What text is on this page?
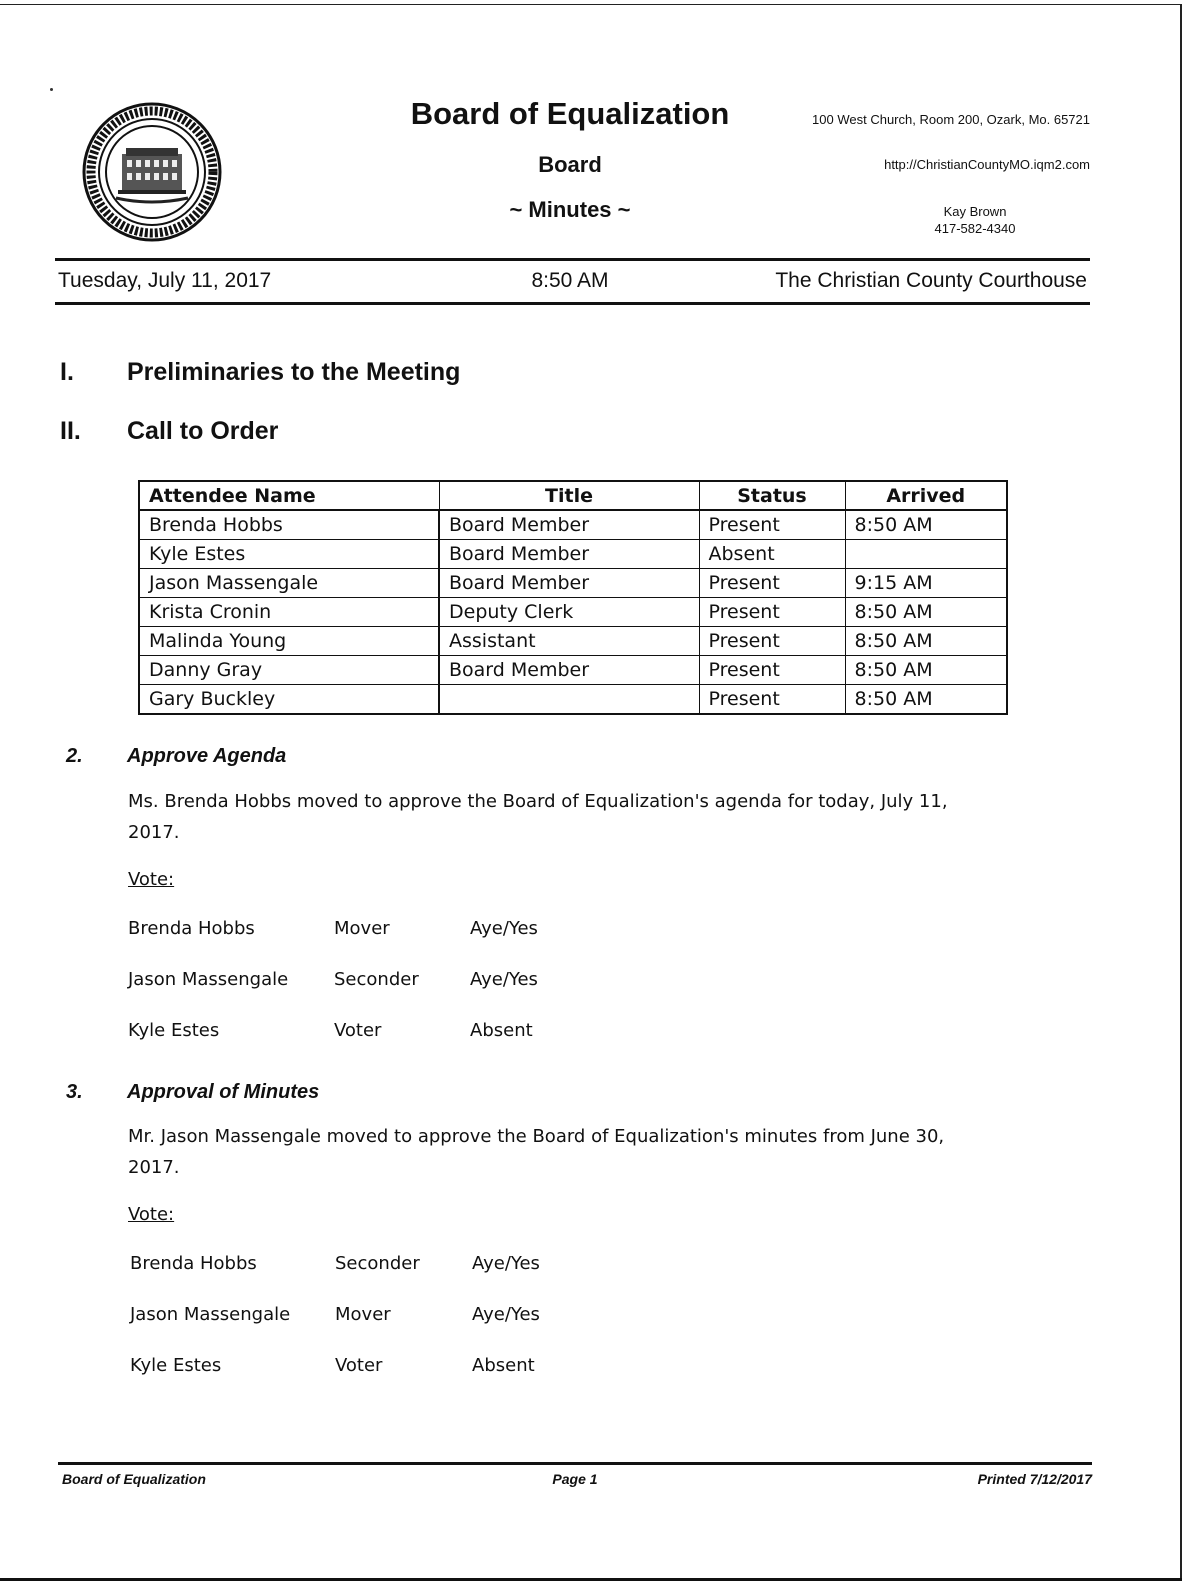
Board of Equalization
Board
~ Minutes ~
100 West Church, Room 200, Ozark, Mo. 65721
http://ChristianCountyMO.iqm2.com
Kay Brown
417-582-4340
Tuesday, July 11, 2017	8:50 AM	The Christian County Courthouse
I. Preliminaries to the Meeting
II. Call to Order
Attendee Name	Title	Status	Arrived
Brenda Hobbs	Board Member	Present	8:50 AM
Kyle Estes	Board Member	Absent	
Jason Massengale	Board Member	Present	9:15 AM
Krista Cronin	Deputy Clerk	Present	8:50 AM
Malinda Young	Assistant	Present	8:50 AM
Danny Gray	Board Member	Present	8:50 AM
Gary Buckley		Present	8:50 AM
2. Approve Agenda
Ms. Brenda Hobbs moved to approve the Board of Equalization's agenda for today, July 11,
2017.
Vote:
Brenda Hobbs	Mover	Aye/Yes
Jason Massengale	Seconder	Aye/Yes
Kyle Estes	Voter	Absent
3. Approval of Minutes
Mr. Jason Massengale moved to approve the Board of Equalization's minutes from June 30,
2017.
Vote:
Brenda Hobbs	Seconder	Aye/Yes
Jason Massengale Mover	Aye/Yes
Kyle Estes	Voter	Absent
Board of Equalization	Page 1	Printed 7/12/2017
